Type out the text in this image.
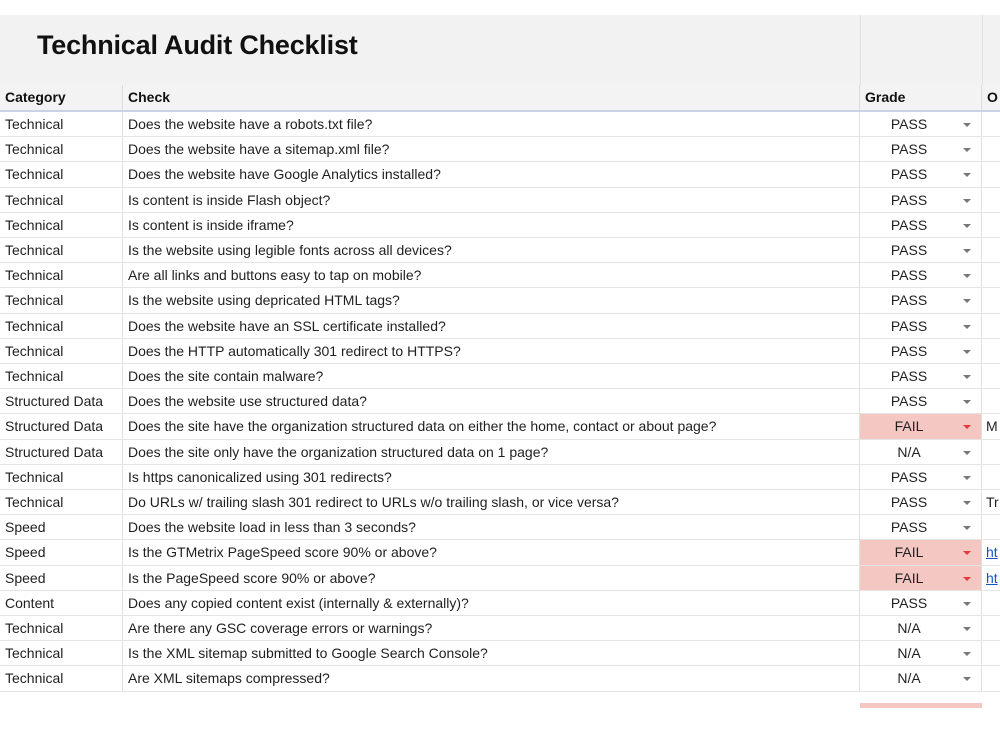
Technical Audit Checklist
Category	Check	Grade	O
Technical	Does the website have a robots.txt file?	PASS
Technical	Does the website have a sitemap.xml file?	PASS
Technical	Does the website have Google Analytics installed?	PASS
Technical	Is content is inside Flash object?	PASS
Technical	Is content is inside iframe?	PASS
Technical	Is the website using legible fonts across all devices?	PASS
Technical	Are all links and buttons easy to tap on mobile?	PASS
Technical	Is the website using depricated HTML tags?	PASS
Technical	Does the website have an SSL certificate installed?	PASS
Technical	Does the HTTP automatically 301 redirect to HTTPS?	PASS
Technical	Does the site contain malware?	PASS
Structured Data	Does the website use structured data?	PASS
Structured Data	Does the site have the organization structured data on either the home, contact or about page?	FAIL	M
Structured Data	Does the site only have the organization structured data on 1 page?	N/A
Technical	Is https canonicalized using 301 redirects?	PASS
Technical	Do URLs w/ trailing slash 301 redirect to URLs w/o trailing slash, or vice versa?	PASS	Tr
Speed	Does the website load in less than 3 seconds?	PASS
Speed	Is the GTMetrix PageSpeed score 90% or above?	FAIL	ht
Speed	Is the PageSpeed score 90% or above?	FAIL	ht
Content	Does any copied content exist (internally & externally)?	PASS
Technical	Are there any GSC coverage errors or warnings?	N/A
Technical	Is the XML sitemap submitted to Google Search Console?	N/A
Technical	Are XML sitemaps compressed?	N/A
